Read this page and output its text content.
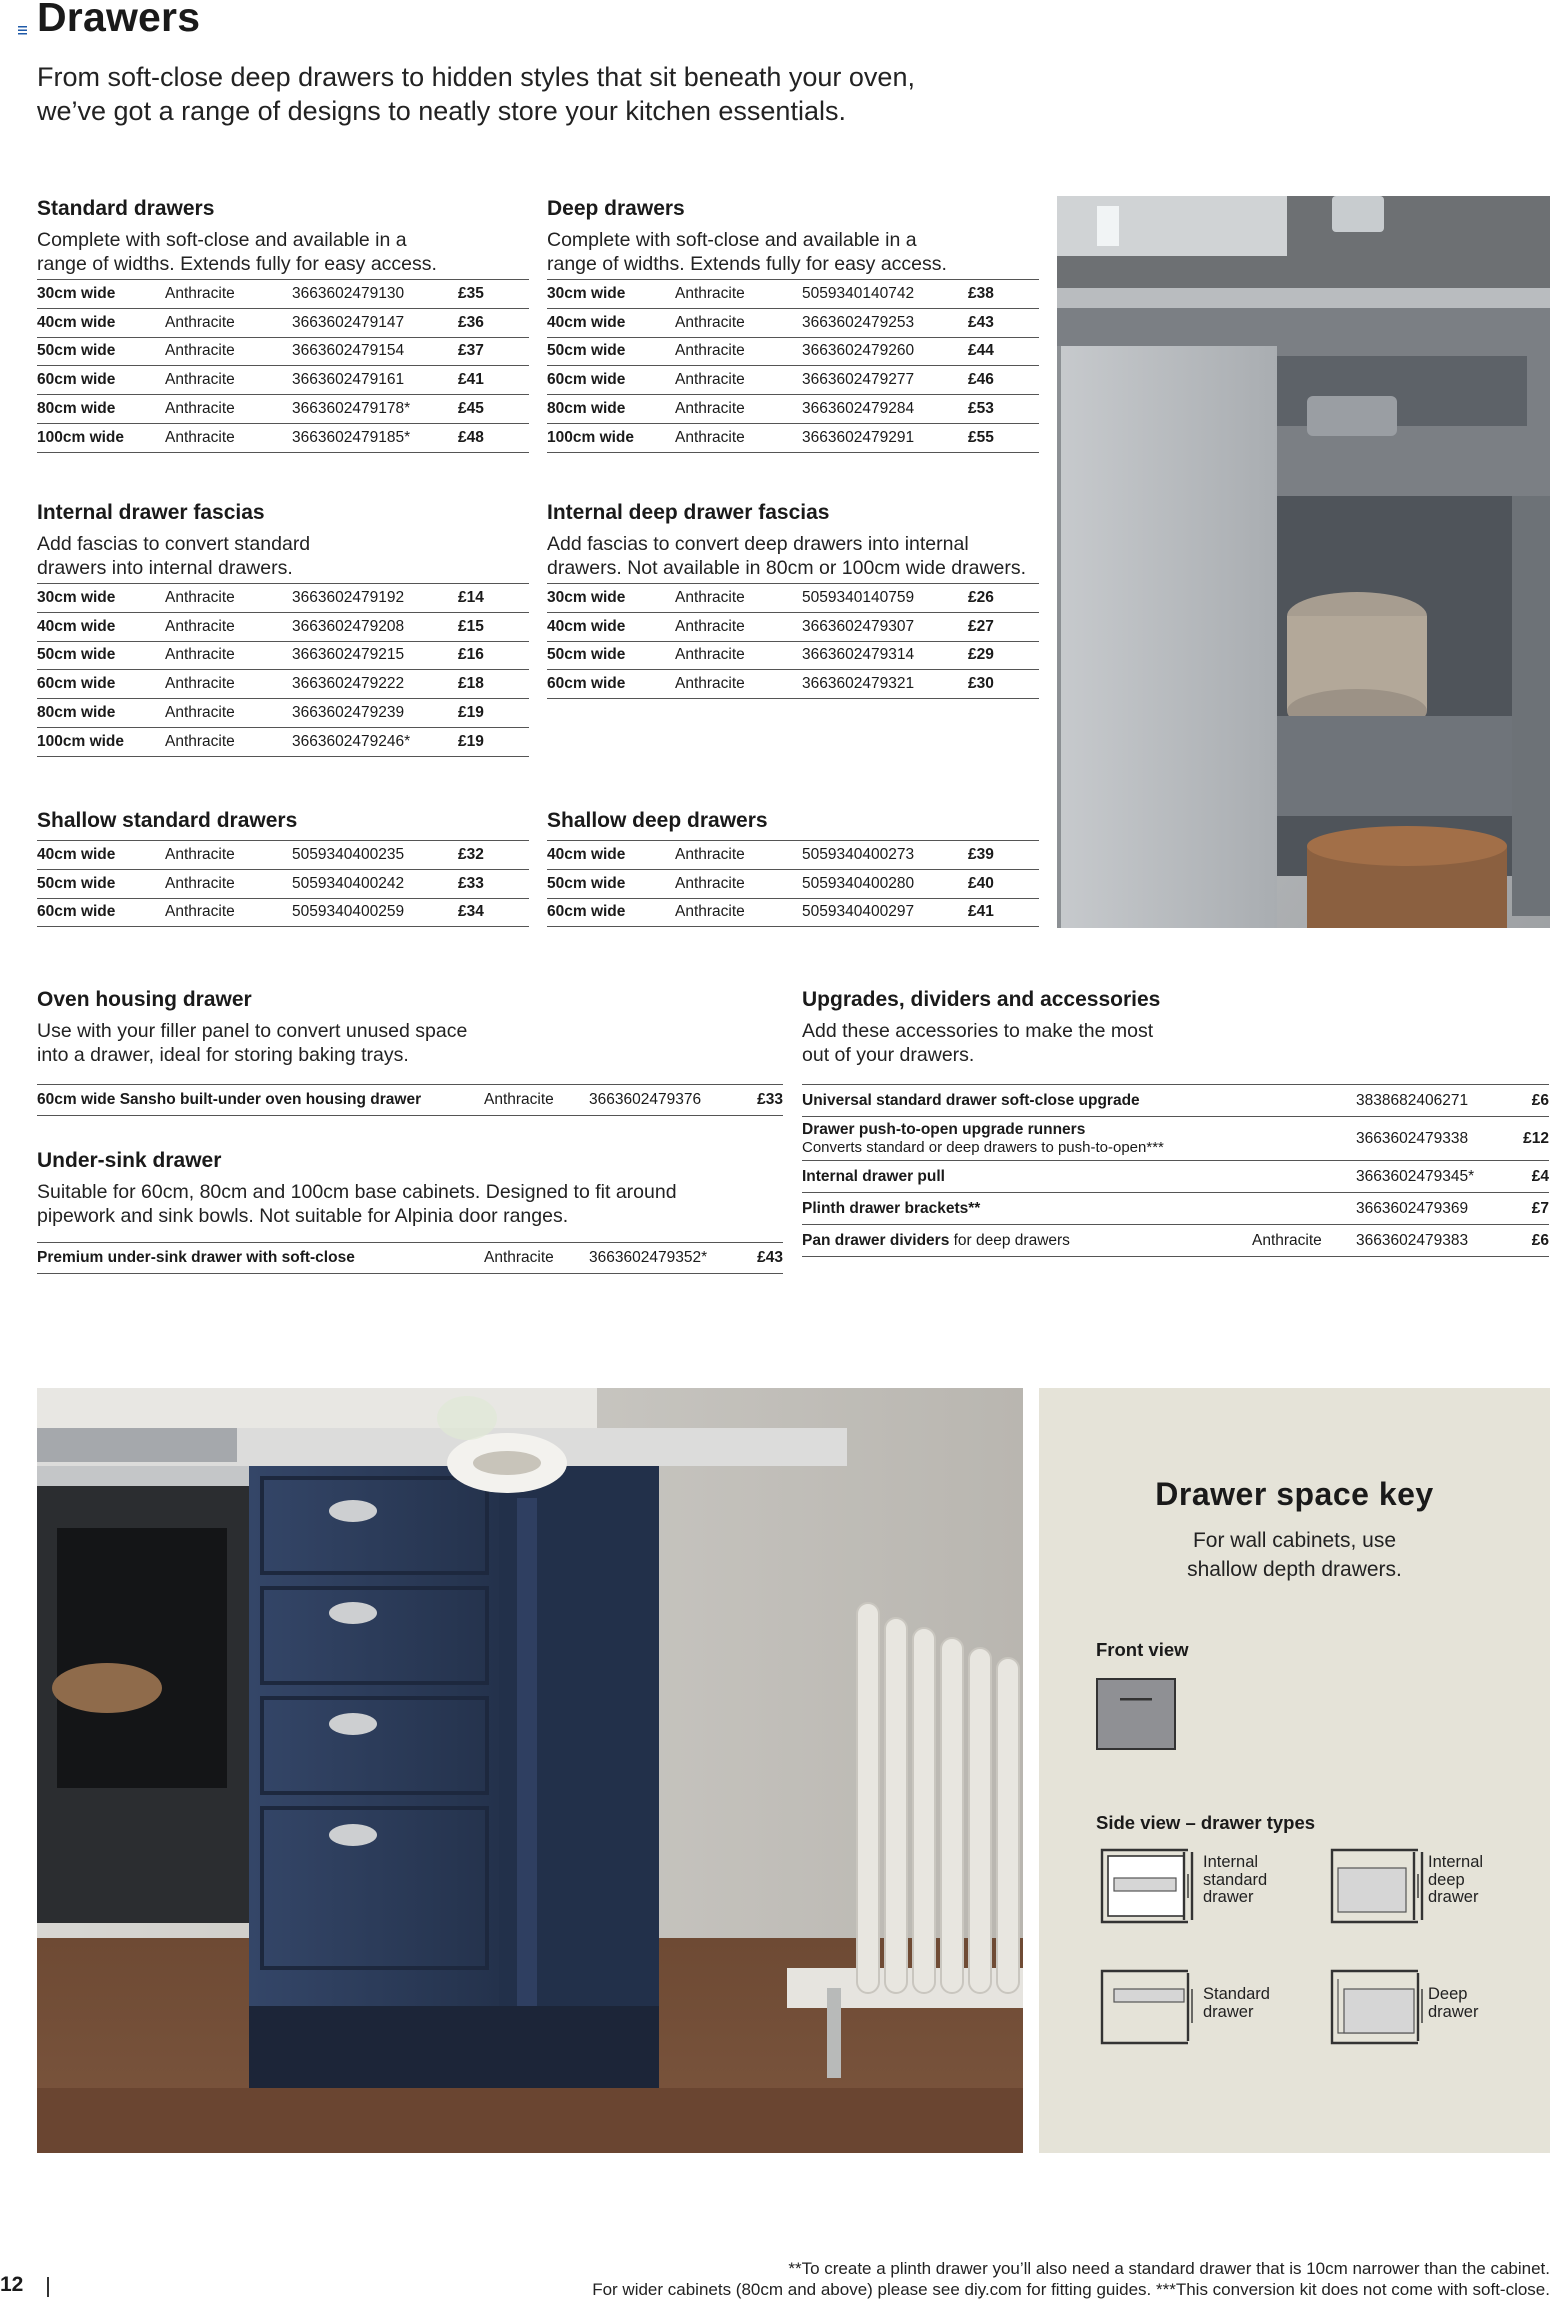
Drawers
From soft-close deep drawers to hidden styles that sit beneath your oven,
we’ve got a range of designs to neatly store your kitchen essentials.
Standard drawers

Complete with soft-close and available in a
range of widths. Extends fully for easy access.

30cm wide	Anthracite	3663602479130	£35
40cm wide	Anthracite	3663602479147	£36
50cm wide	Anthracite	3663602479154	£37
60cm wide	Anthracite	3663602479161	£41
80cm wide	Anthracite	3663602479178*	£45
100cm wide	Anthracite	3663602479185*	£48
Deep drawers

Complete with soft-close and available in a
range of widths. Extends fully for easy access.

30cm wide	Anthracite	5059340140742	£38
40cm wide	Anthracite	3663602479253	£43
50cm wide	Anthracite	3663602479260	£44
60cm wide	Anthracite	3663602479277	£46
80cm wide	Anthracite	3663602479284	£53
100cm wide	Anthracite	3663602479291	£55
Internal drawer fascias

Add fascias to convert standard
drawers into internal drawers.

30cm wide	Anthracite	3663602479192	£14
40cm wide	Anthracite	3663602479208	£15
50cm wide	Anthracite	3663602479215	£16
60cm wide	Anthracite	3663602479222	£18
80cm wide	Anthracite	3663602479239	£19
100cm wide	Anthracite	3663602479246*	£19
Internal deep drawer fascias

Add fascias to convert deep drawers into internal
drawers. Not available in 80cm or 100cm wide drawers.

30cm wide	Anthracite	5059340140759	£26
40cm wide	Anthracite	3663602479307	£27
50cm wide	Anthracite	3663602479314	£29
60cm wide	Anthracite	3663602479321	£30
Shallow standard drawers
40cm wide	Anthracite	5059340400235	£32
50cm wide	Anthracite	5059340400242	£33
60cm wide	Anthracite	5059340400259	£34
Shallow deep drawers
40cm wide	Anthracite	5059340400273	£39
50cm wide	Anthracite	5059340400280	£40
60cm wide	Anthracite	5059340400297	£41
Oven housing drawer

Use with your filler panel to convert unused space
into a drawer, ideal for storing baking trays.

60cm wide Sansho built-under oven housing drawer	Anthracite	3663602479376	£33
Under-sink drawer

Suitable for 60cm, 80cm and 100cm base cabinets. Designed to fit around
pipework and sink bowls. Not suitable for Alpinia door ranges.

Premium under-sink drawer with soft-close	Anthracite	3663602479352*	£43
Upgrades, dividers and accessories

Add these accessories to make the most
out of your drawers.

Universal standard drawer soft-close upgrade		3838682406271	£6

Drawer push-to-open upgrade runners
Converts standard or deep drawers to push-to-open***		3663602479338	£12
Internal drawer pull		3663602479345*	£4
Plinth drawer brackets**		3663602479369	£7
Pan drawer dividers for deep drawers	Anthracite	3663602479383	£6
Drawer space key
For wall cabinets, use
shallow depth drawers.
Front view
Side view – drawer types
Internal
standard
drawer
Internal
deep
drawer
Standard
drawer
Deep
drawer
**To create a plinth drawer you’ll also need a standard drawer that is 10cm narrower than the cabinet.
For wider cabinets (80cm and above) please see diy.com for fitting guides. ***This conversion kit does not come with soft-close.
12
